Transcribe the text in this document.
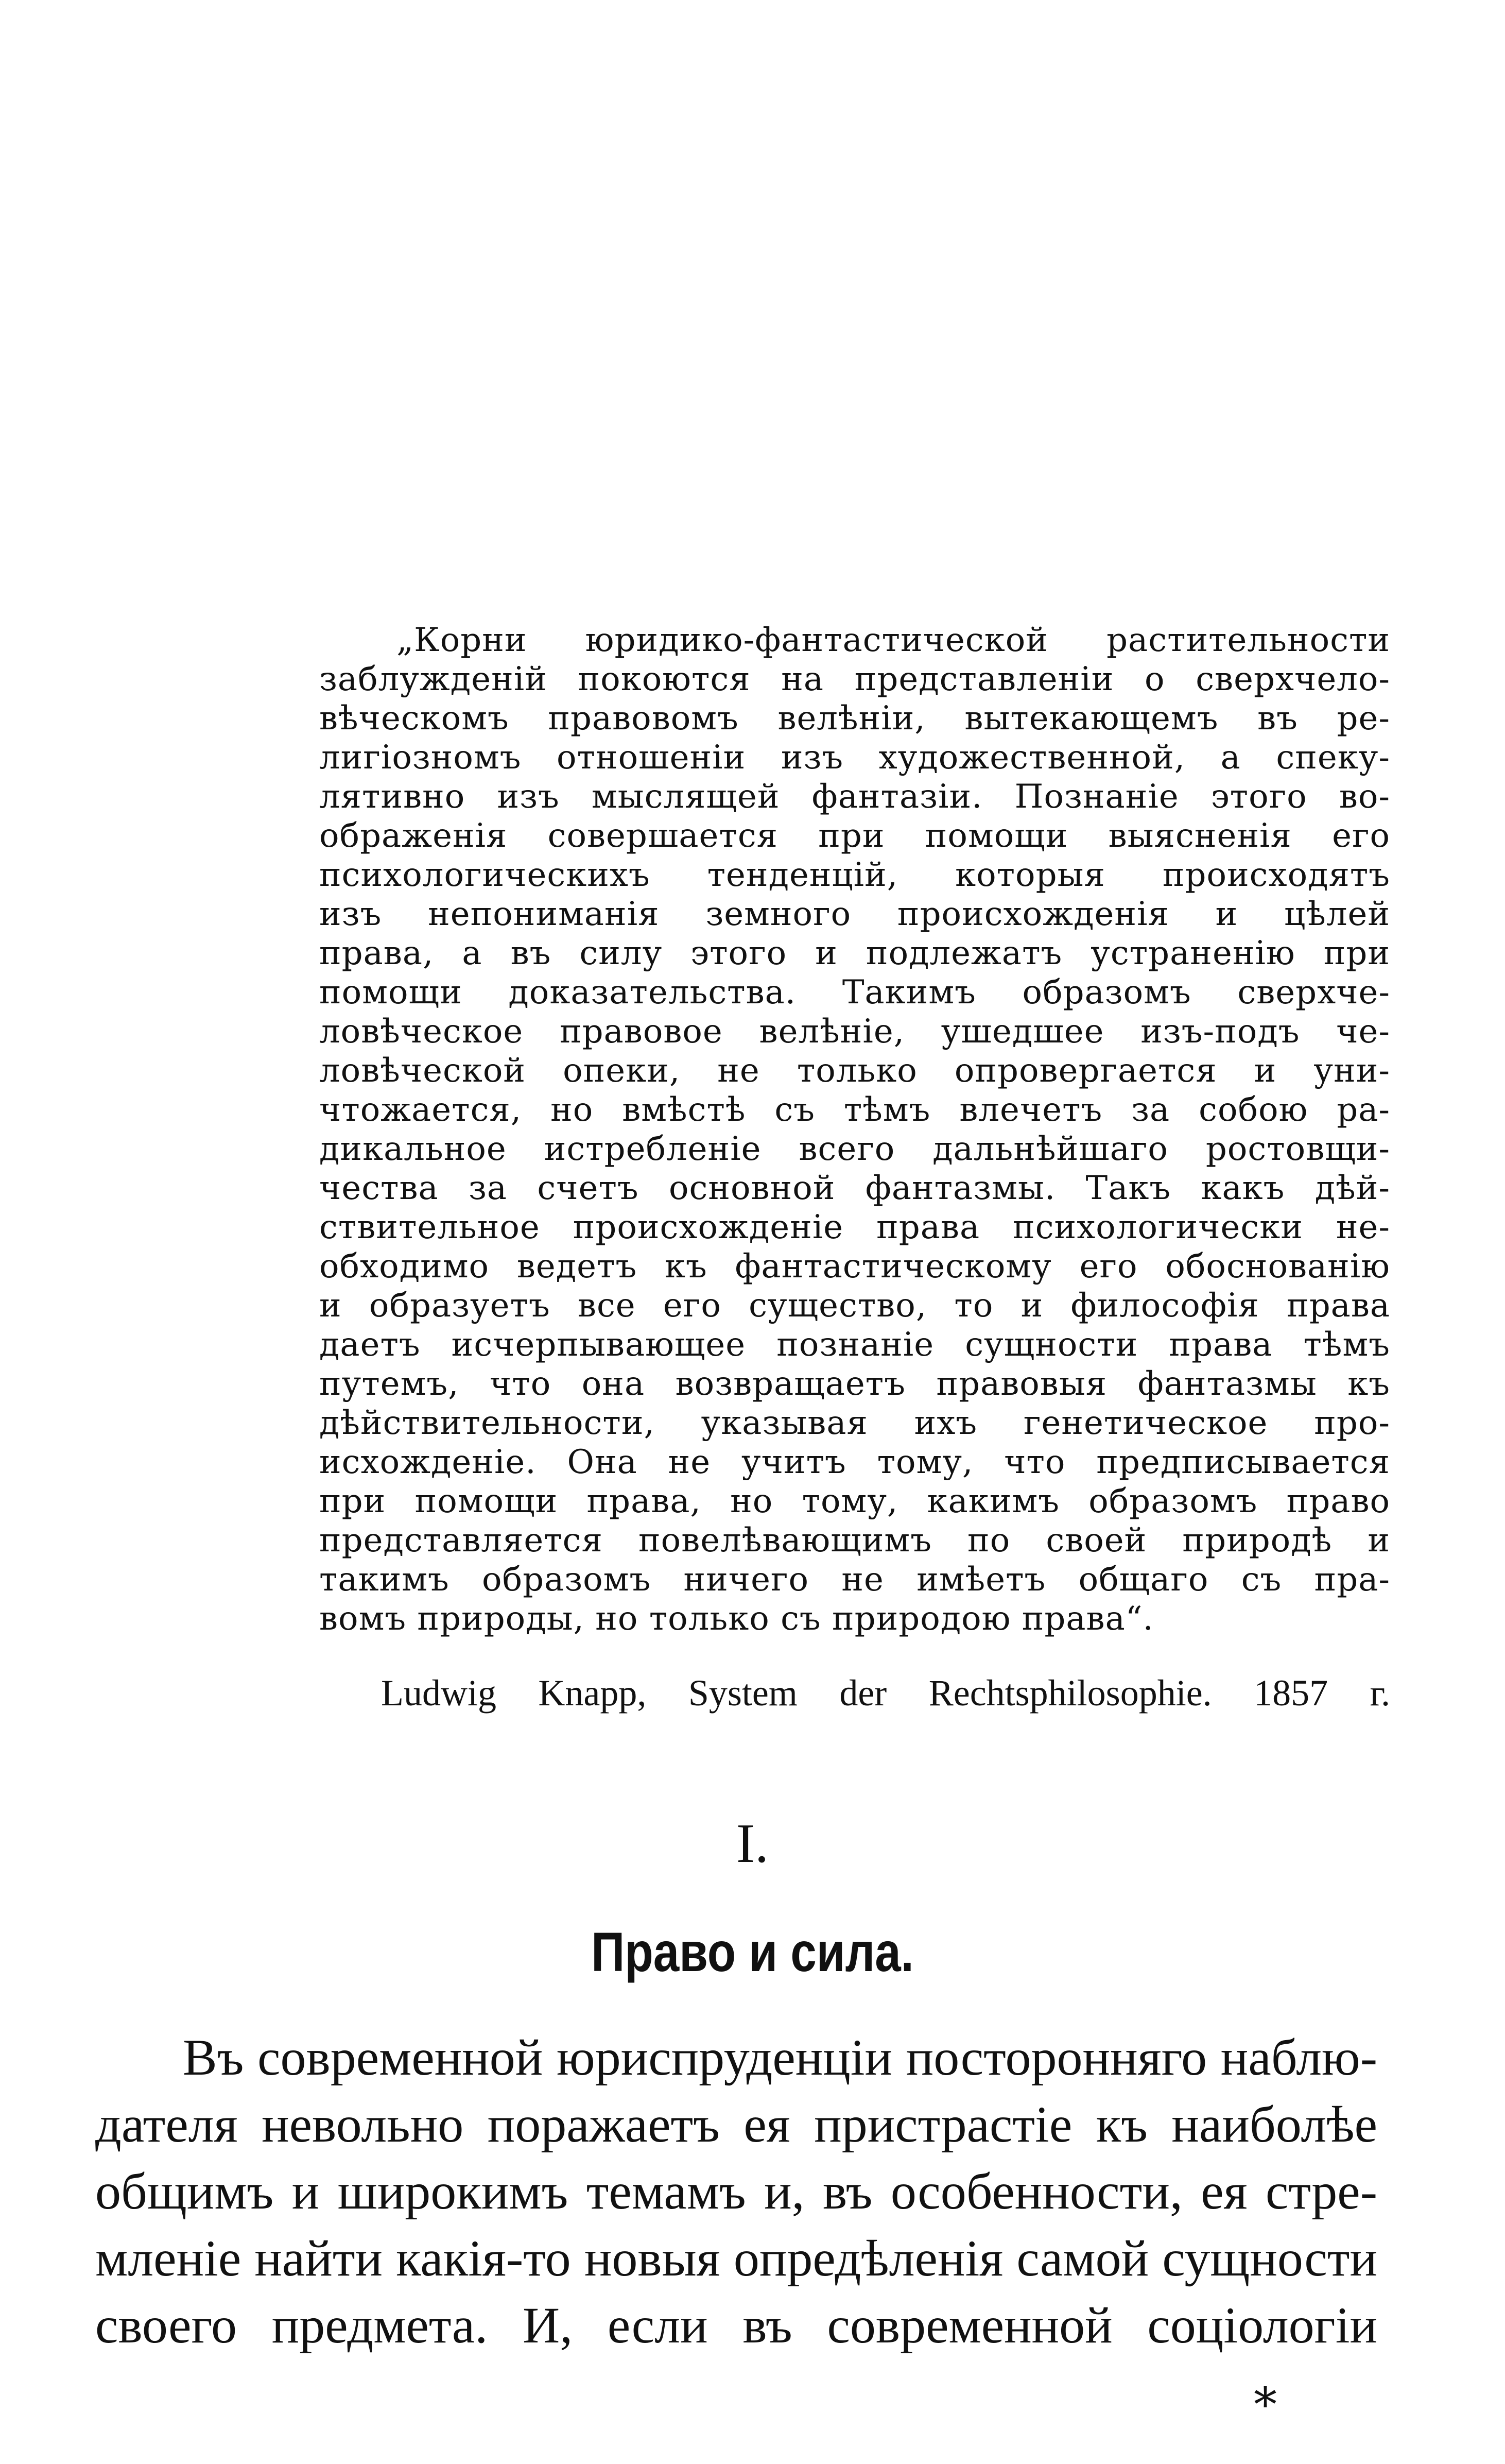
„Корни юридико-фантастической растительности
заблужденій покоются на представленіи о сверхчело-
вѣческомъ правовомъ велѣніи, вытекающемъ въ ре-
лигіозномъ отношеніи изъ художественной, а спеку-
лятивно изъ мыслящей фантазіи. Познаніе этого во-
ображенія совершается при помощи выясненія его
психологическихъ тенденцій, которыя происходятъ
изъ непониманія земного происхожденія и цѣлей
права, а въ силу этого и подлежатъ устраненію при
помощи доказательства. Такимъ образомъ сверхче-
ловѣческое правовое велѣніе, ушедшее изъ-подъ че-
ловѣческой опеки, не только опровергается и уни-
чтожается, но вмѣстѣ съ тѣмъ влечетъ за собою ра-
дикальное истребленіе всего дальнѣйшаго ростовщи-
чества за счетъ основной фантазмы. Такъ какъ дѣй-
ствительное происхожденіе права психологически не-
обходимо ведетъ къ фантастическому его обоснованію
и образуетъ все его существо, то и философія права
даетъ исчерпывающее познаніе сущности права тѣмъ
путемъ, что она возвращаетъ правовыя фантазмы къ
дѣйствительности, указывая ихъ генетическое про-
исхожденіе. Она не учитъ тому, что предписывается
при помощи права, но тому, какимъ образомъ право
представляется повелѣвающимъ по своей природѣ и
такимъ образомъ ничего не имѣетъ общаго съ пра-
вомъ природы, но только съ природою права“.
Ludwig Knapp, System der Rechtsphilosophie. 1857 г.
I.
Право и сила.
Въ современной юриспруденціи посторонняго наблю-
дателя невольно поражаетъ ея пристрастіе къ наиболѣе
общимъ и широкимъ темамъ и, въ особенности, ея стре-
мленіе найти какія-то новыя опредѣленія самой сущности
своего предмета. И, если въ современной соціологіи
*
